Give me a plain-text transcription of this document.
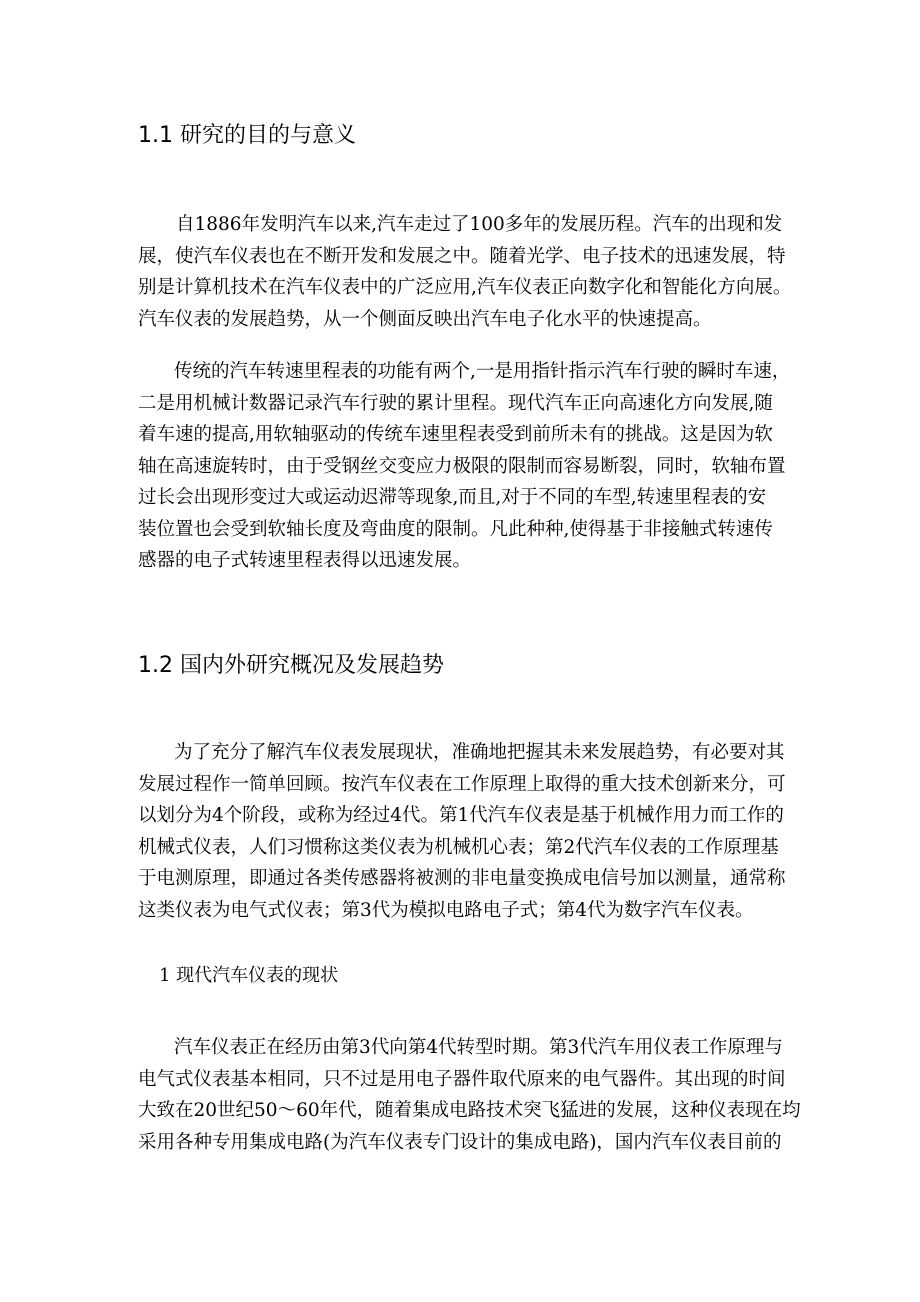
1.1 研究的目的与意义
自1886年发明汽车以来,汽车走过了100多年的发展历程。汽车的出现和发
展，使汽车仪表也在不断开发和发展之中。随着光学、电子技术的迅速发展，特
别是计算机技术在汽车仪表中的广泛应用,汽车仪表正向数字化和智能化方向展。
汽车仪表的发展趋势，从一个侧面反映出汽车电子化水平的快速提高。
传统的汽车转速里程表的功能有两个,一是用指针指示汽车行驶的瞬时车速，
二是用机械计数器记录汽车行驶的累计里程。现代汽车正向高速化方向发展,随
着车速的提高,用软轴驱动的传统车速里程表受到前所未有的挑战。这是因为软
轴在高速旋转时，由于受钢丝交变应力极限的限制而容易断裂，同时，软轴布置
过长会出现形变过大或运动迟滞等现象,而且,对于不同的车型,转速里程表的安
装位置也会受到软轴长度及弯曲度的限制。凡此种种,使得基于非接触式转速传
感器的电子式转速里程表得以迅速发展。
1.2 国内外研究概况及发展趋势
为了充分了解汽车仪表发展现状，准确地把握其未来发展趋势，有必要对其
发展过程作一简单回顾。按汽车仪表在工作原理上取得的重大技术创新来分，可
以划分为4个阶段，或称为经过4代。第1代汽车仪表是基于机械作用力而工作的
机械式仪表，人们习惯称这类仪表为机械机心表；第2代汽车仪表的工作原理基
于电测原理，即通过各类传感器将被测的非电量变换成电信号加以测量，通常称
这类仪表为电气式仪表；第3代为模拟电路电子式；第4代为数字汽车仪表。
1 现代汽车仪表的现状
汽车仪表正在经历由第3代向第4代转型时期。第3代汽车用仪表工作原理与
电气式仪表基本相同，只不过是用电子器件取代原来的电气器件。其出现的时间
大致在20世纪50～60年代，随着集成电路技术突飞猛进的发展，这种仪表现在均
采用各种专用集成电路(为汽车仪表专门设计的集成电路)，国内汽车仪表目前的
